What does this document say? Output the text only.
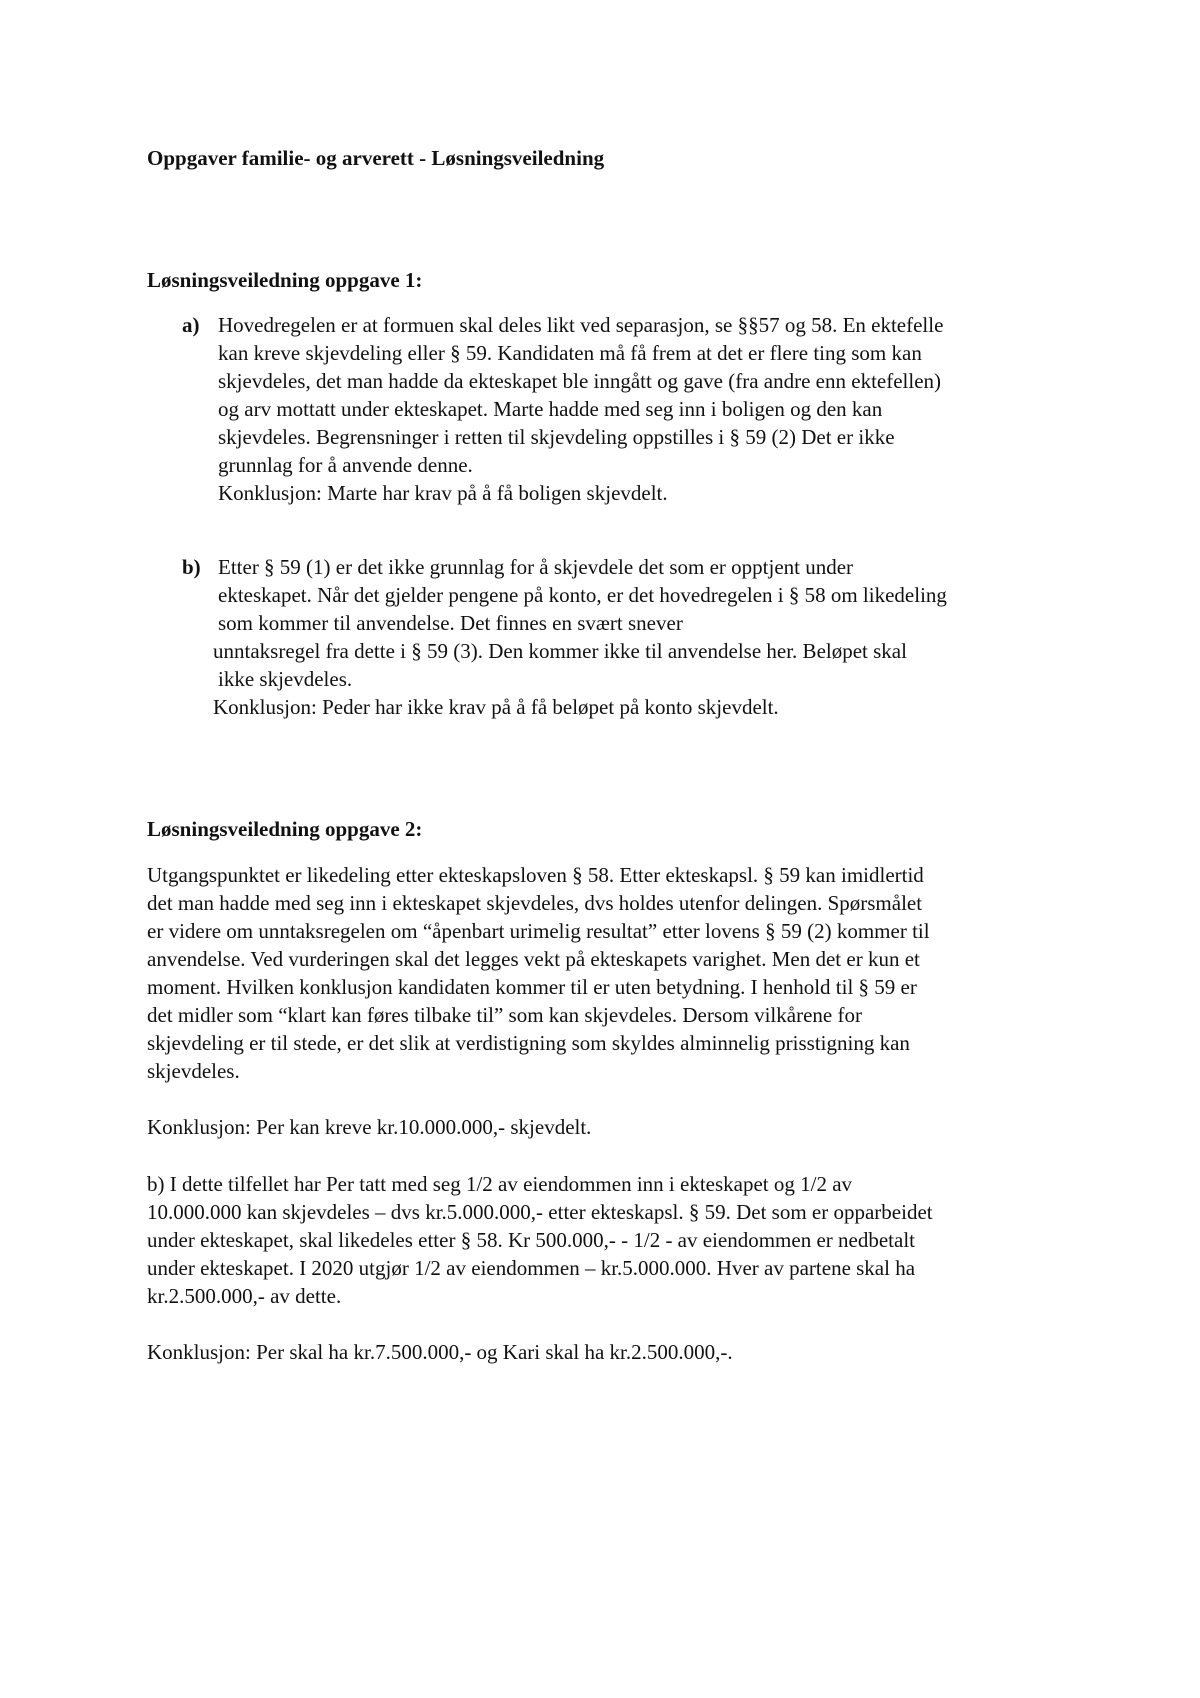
Oppgaver familie- og arverett - Løsningsveiledning
Løsningsveiledning oppgave 1:
a) Hovedregelen er at formuen skal deles likt ved separasjon, se §§57 og 58. En ektefelle
kan kreve skjevdeling eller § 59. Kandidaten må få frem at det er flere ting som kan
skjevdeles, det man hadde da ekteskapet ble inngått og gave (fra andre enn ektefellen)
og arv mottatt under ekteskapet. Marte hadde med seg inn i boligen og den kan
skjevdeles. Begrensninger i retten til skjevdeling oppstilles i § 59 (2) Det er ikke
grunnlag for å anvende denne.
Konklusjon: Marte har krav på å få boligen skjevdelt.
b) Etter § 59 (1) er det ikke grunnlag for å skjevdele det som er opptjent under
ekteskapet. Når det gjelder pengene på konto, er det hovedregelen i § 58 om likedeling
som kommer til anvendelse. Det finnes en svært snever
unntaksregel fra dette i § 59 (3). Den kommer ikke til anvendelse her. Beløpet skal
ikke skjevdeles.
Konklusjon: Peder har ikke krav på å få beløpet på konto skjevdelt.
Løsningsveiledning oppgave 2:
Utgangspunktet er likedeling etter ekteskapsloven § 58. Etter ekteskapsl. § 59 kan imidlertid
det man hadde med seg inn i ekteskapet skjevdeles, dvs holdes utenfor delingen. Spørsmålet
er videre om unntaksregelen om “åpenbart urimelig resultat” etter lovens § 59 (2) kommer til
anvendelse. Ved vurderingen skal det legges vekt på ekteskapets varighet. Men det er kun et
moment. Hvilken konklusjon kandidaten kommer til er uten betydning. I henhold til § 59 er
det midler som “klart kan føres tilbake til” som kan skjevdeles. Dersom vilkårene for
skjevdeling er til stede, er det slik at verdistigning som skyldes alminnelig prisstigning kan
skjevdeles.
Konklusjon: Per kan kreve kr.10.000.000,- skjevdelt.
b) I dette tilfellet har Per tatt med seg 1/2 av eiendommen inn i ekteskapet og 1/2 av
10.000.000 kan skjevdeles – dvs kr.5.000.000,- etter ekteskapsl. § 59. Det som er opparbeidet
under ekteskapet, skal likedeles etter § 58. Kr 500.000,- - 1/2 - av eiendommen er nedbetalt
under ekteskapet. I 2020 utgjør 1/2 av eiendommen – kr.5.000.000. Hver av partene skal ha
kr.2.500.000,- av dette.
Konklusjon: Per skal ha kr.7.500.000,- og Kari skal ha kr.2.500.000,-.
